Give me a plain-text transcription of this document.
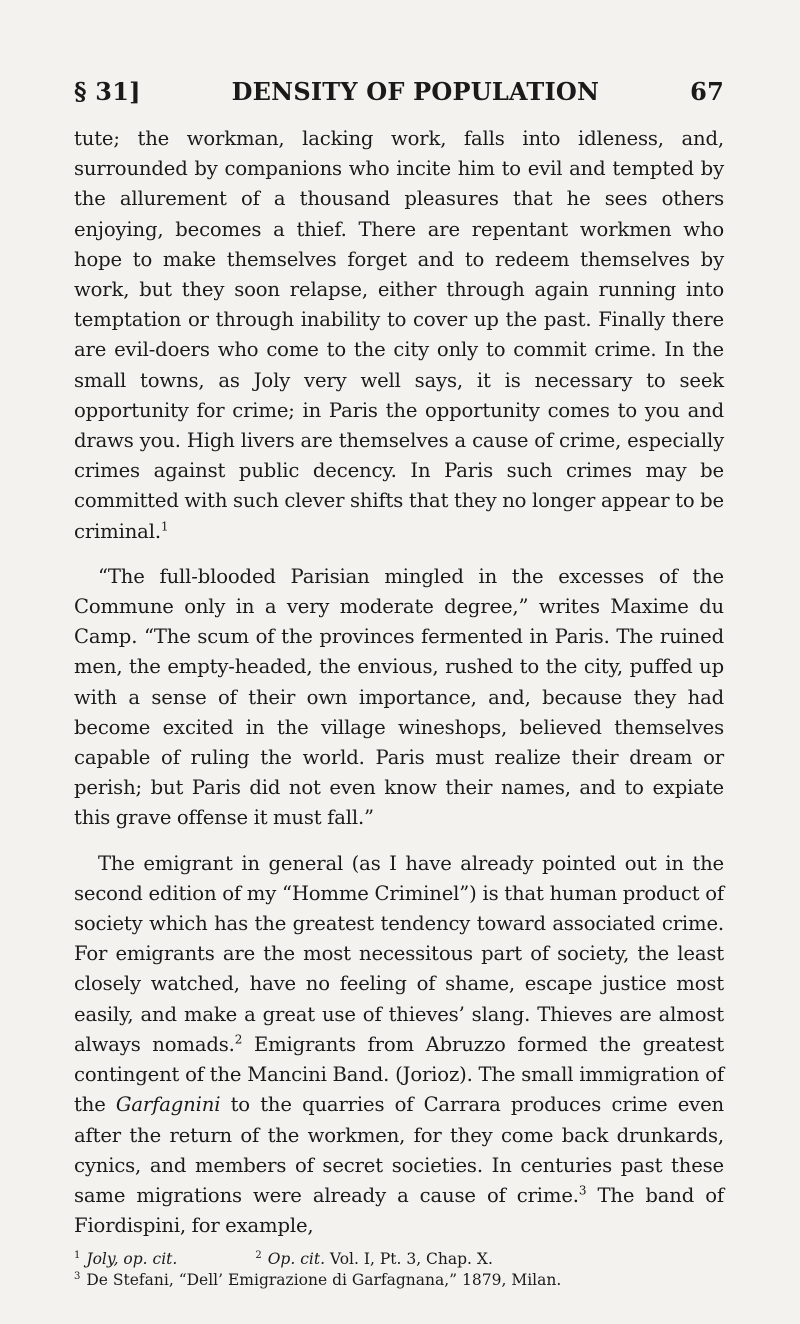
§ 31]	DENSITY OF POPULATION	67

tute; the workman, lacking work, falls into idleness, and, surrounded by companions who incite him to evil and tempted by the allurement of a thousand pleasures that he sees others enjoying, becomes a thief. There are repentant workmen who hope to make themselves forget and to redeem themselves by work, but they soon relapse, either through again running into temptation or through inability to cover up the past. Finally there are evil-doers who come to the city only to commit crime. In the small towns, as Joly very well says, it is necessary to seek opportunity for crime; in Paris the opportunity comes to you and draws you. High livers are themselves a cause of crime, especially crimes against public decency. In Paris such crimes may be committed with such clever shifts that they no longer appear to be criminal.$^1$

“The full-blooded Parisian mingled in the excesses of the Commune only in a very moderate degree,” writes Maxime du Camp. “The scum of the provinces fermented in Paris. The ruined men, the empty-headed, the envious, rushed to the city, puffed up with a sense of their own importance, and, because they had become excited in the village wineshops, believed themselves capable of ruling the world. Paris must realize their dream or perish; but Paris did not even know their names, and to expiate this grave offense it must fall.”

The emigrant in general (as I have already pointed out in the second edition of my “Homme Criminel”) is that human product of society which has the greatest tendency toward associated crime. For emigrants are the most necessitous part of society, the least closely watched, have no feeling of shame, escape justice most easily, and make a great use of thieves’ slang. Thieves are almost always nomads.$^2$ Emigrants from Abruzzo formed the greatest contingent of the Mancini Band. (Jorioz). The small immigration of the Garfagnini to the quarries of Carrara produces crime even after the return of the workmen, for they come back drunkards, cynics, and members of secret societies. In centuries past these same migrations were already a cause of crime.$^3$ The band of Fiordispini, for example,

$^1$ Joly, op. cit.	$^2$ Op. cit. Vol. I, Pt. 3, Chap. X.

$^3$ De Stefani, “Dell’ Emigrazione di Garfagnana,” 1879, Milan.
